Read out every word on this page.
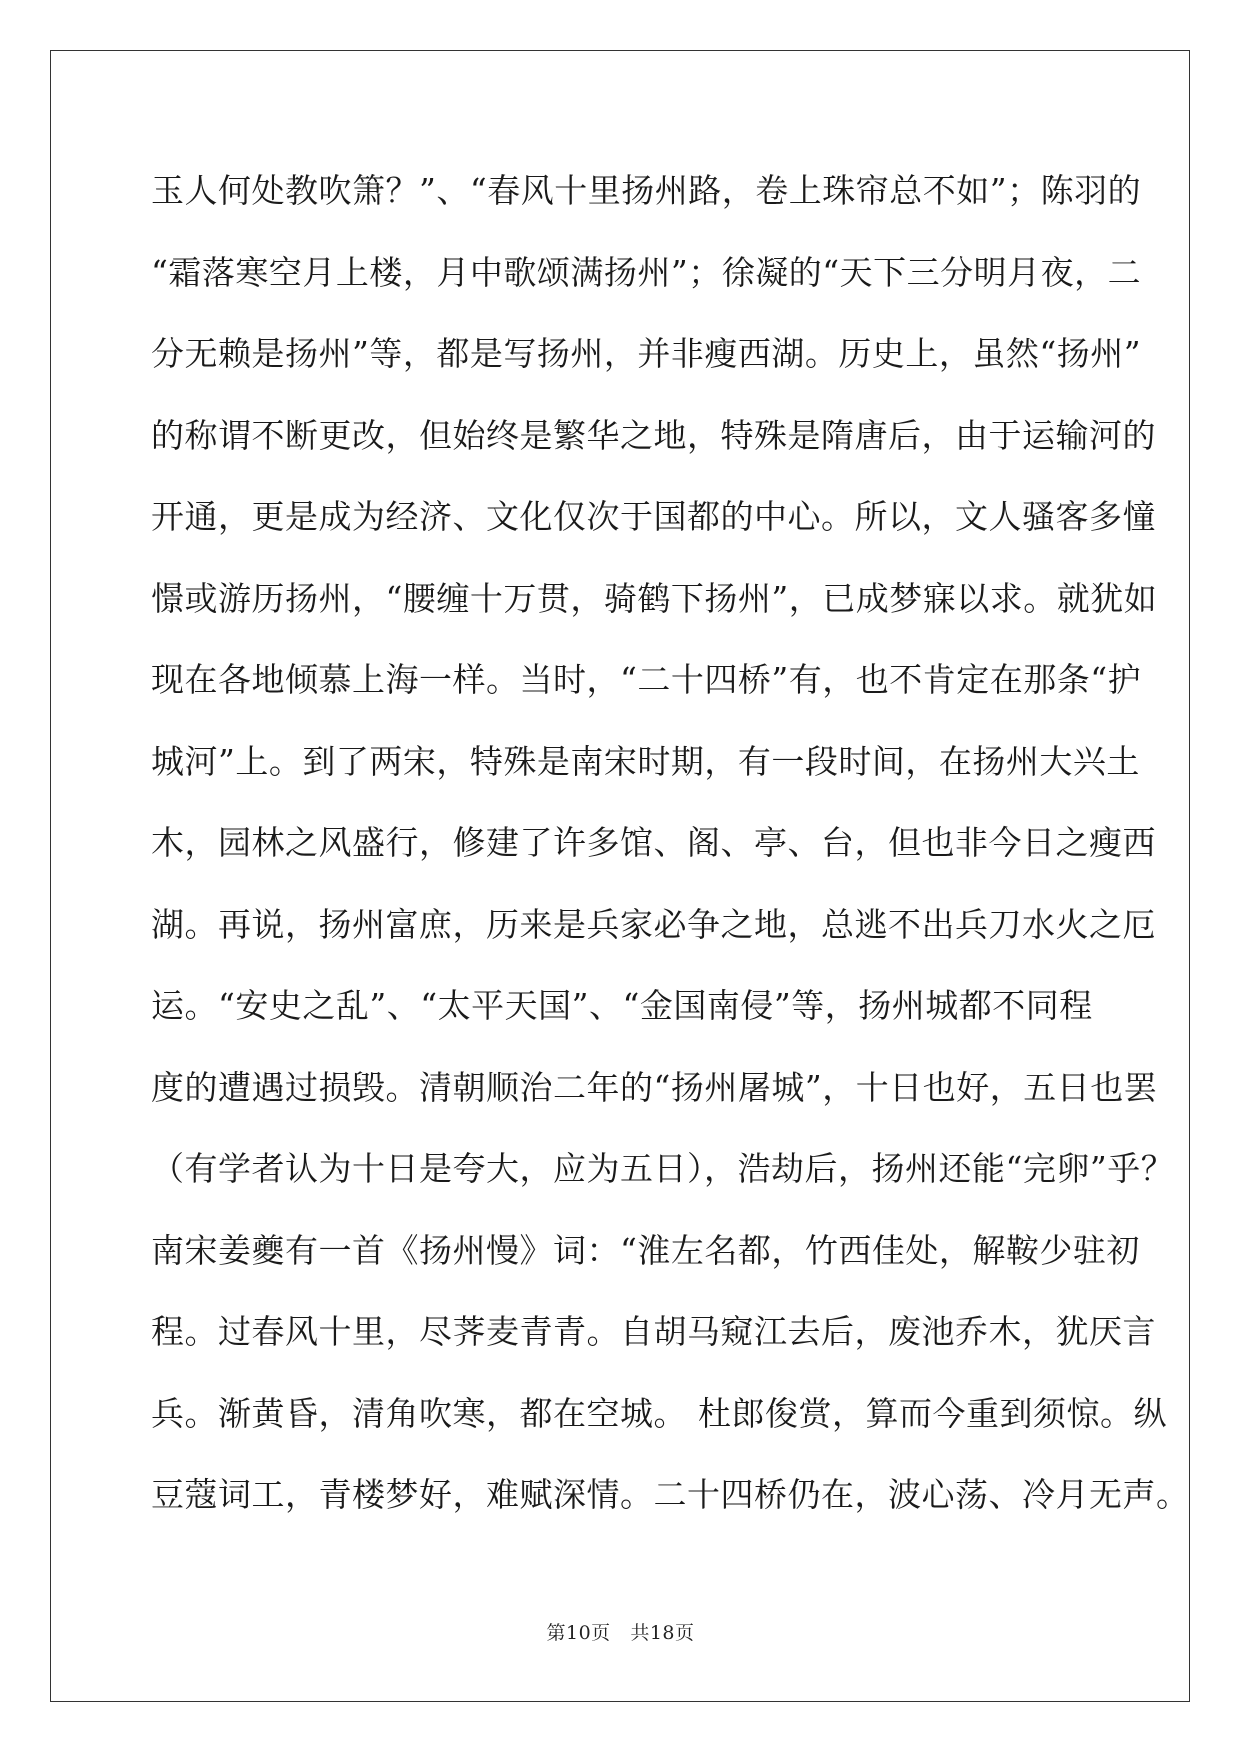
玉人何处教吹箫？”、“春风十里扬州路，卷上珠帘总不如”；陈羽的
“霜落寒空月上楼，月中歌颂满扬州”；徐凝的“天下三分明月夜，二
分无赖是扬州”等，都是写扬州，并非瘦西湖。历史上，虽然“扬州”
的称谓不断更改，但始终是繁华之地，特殊是隋唐后，由于运输河的
开通，更是成为经济、文化仅次于国都的中心。所以，文人骚客多憧
憬或游历扬州，“腰缠十万贯，骑鹤下扬州”，已成梦寐以求。就犹如
现在各地倾慕上海一样。当时，“二十四桥”有，也不肯定在那条“护
城河”上。到了两宋，特殊是南宋时期，有一段时间，在扬州大兴土
木，园林之风盛行，修建了许多馆、阁、亭、台，但也非今日之瘦西
湖。再说，扬州富庶，历来是兵家必争之地，总逃不出兵刀水火之厄
运。“安史之乱”、“太平天国”、“金国南侵”等，扬州城都不同程
度的遭遇过损毁。清朝顺治二年的“扬州屠城”，十日也好，五日也罢
（有学者认为十日是夸大，应为五日），浩劫后，扬州还能“完卵”乎？
南宋姜夔有一首《扬州慢》词：“淮左名都，竹西佳处，解鞍少驻初
程。过春风十里，尽荠麦青青。自胡马窥江去后，废池乔木，犹厌言
兵。渐黄昏，清角吹寒，都在空城。 杜郎俊赏，算而今重到须惊。纵
豆蔻词工，青楼梦好，难赋深情。二十四桥仍在，波心荡、冷月无声。
第10页 共18页
